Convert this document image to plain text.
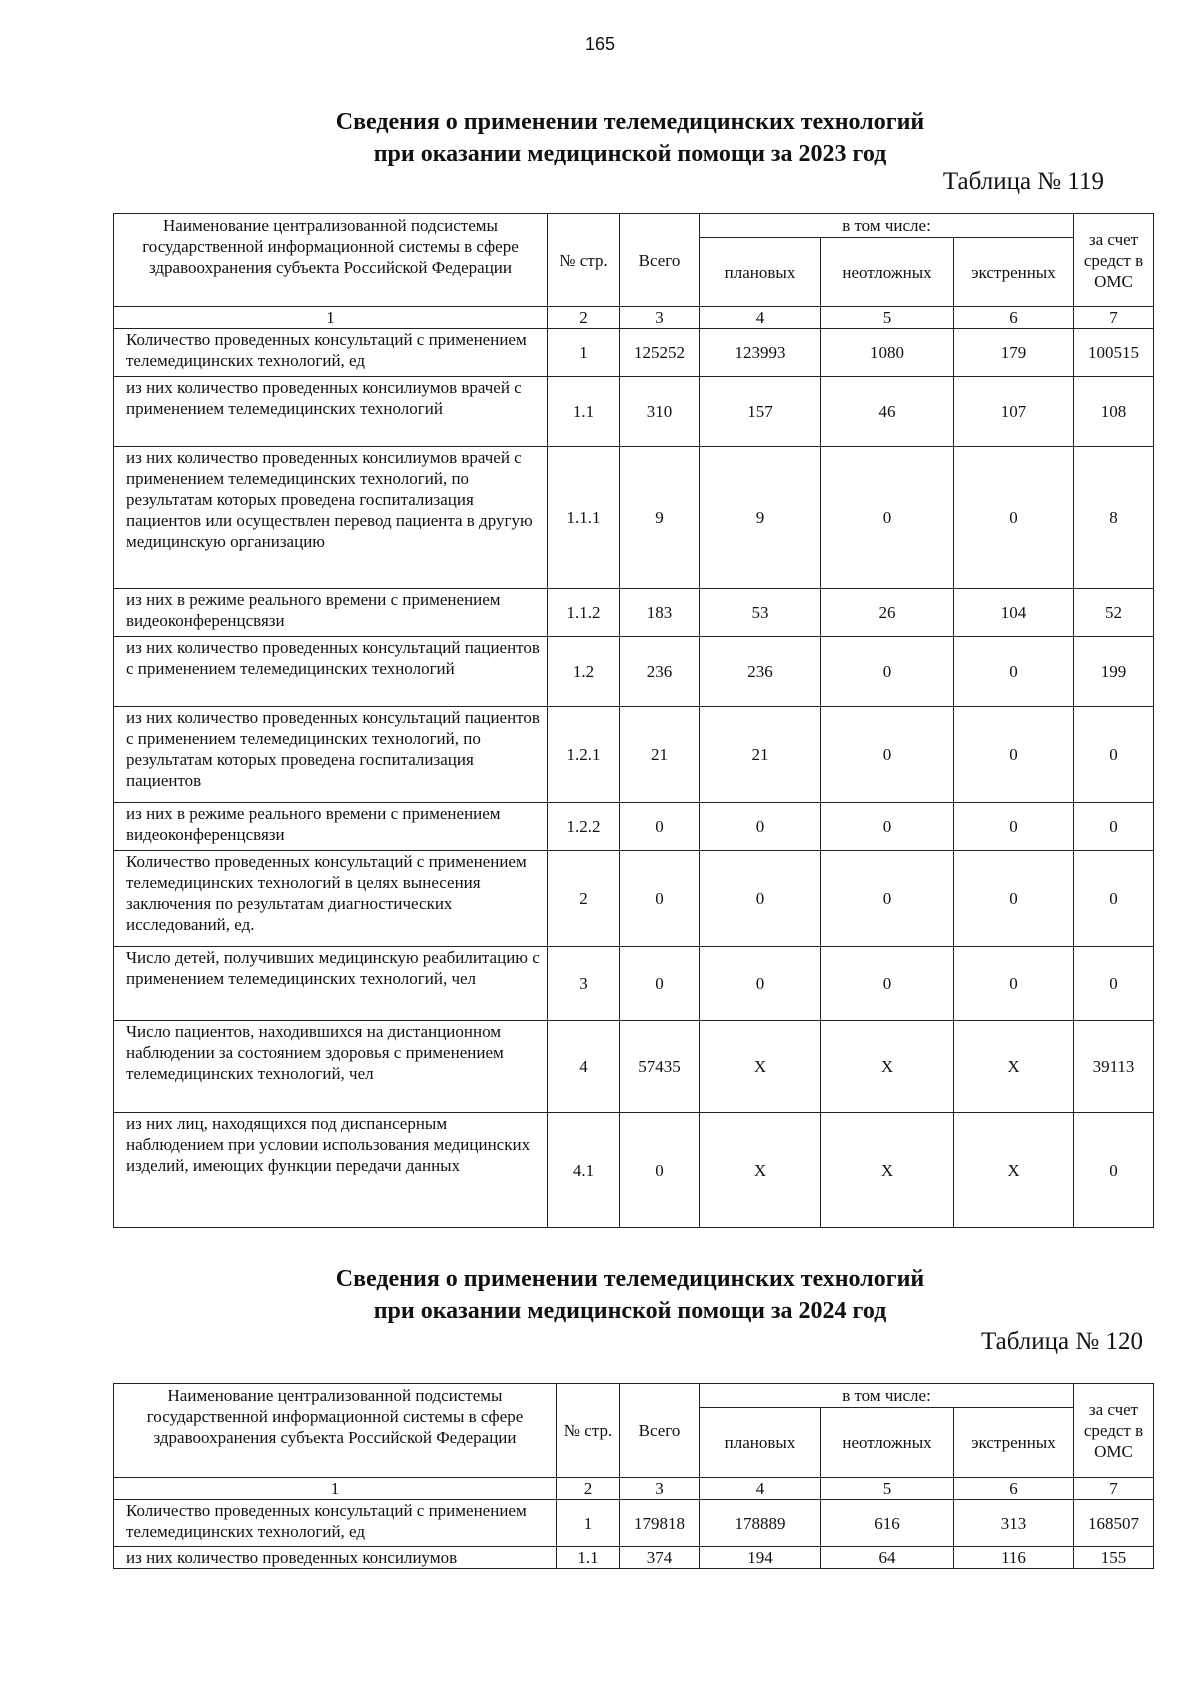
165
Сведения о применении телемедицинских технологий
при оказании медицинской помощи за 2023 год
Таблица № 119
Наименование централизованной подсистемы государственной информационной системы в сфере здравоохранения субъекта Российской Федерации	№ стр.	Всего	в том числе:			за счет средст в ОМС
			плановых	неотложных	экстренных	
1	2	3	4	5	6	7
Количество проведенных консультаций с применением телемедицинских технологий, ед	1	125252	123993	1080	179	100515
из них количество проведенных консилиумов врачей с применением телемедицинских технологий	1.1	310	157	46	107	108
из них количество проведенных консилиумов врачей с применением телемедицинских технологий, по результатам которых проведена госпитализация пациентов или осуществлен перевод пациента в другую медицинскую организацию	1.1.1	9	9	0	0	8
из них в режиме реального времени с применением видеоконференцсвязи	1.1.2	183	53	26	104	52
из них количество проведенных консультаций пациентов с применением телемедицинских технологий	1.2	236	236	0	0	199
из них количество проведенных консультаций пациентов с применением телемедицинских технологий, по результатам которых проведена госпитализация пациентов	1.2.1	21	21	0	0	0
из них в режиме реального времени с применением видеоконференцсвязи	1.2.2	0	0	0	0	0
Количество проведенных консультаций с применением телемедицинских технологий в целях вынесения заключения по результатам диагностических исследований, ед.	2	0	0	0	0	0
Число детей, получивших медицинскую реабилитацию с применением телемедицинских технологий, чел	3	0	0	0	0	0
Число пациентов, находившихся на дистанционном наблюдении за состоянием здоровья с применением телемедицинских технологий, чел	4	57435	X	X	X	39113
из них лиц, находящихся под диспансерным наблюдением при условии использования медицинских изделий, имеющих функции передачи данных	4.1	0	X	X	X	0
Сведения о применении телемедицинских технологий
при оказании медицинской помощи за 2024 год
Таблица № 120
Наименование централизованной подсистемы государственной информационной системы в сфере здравоохранения субъекта Российской Федерации	№ стр.	Всего	в том числе:			за счет средст в ОМС
			плановых	неотложных	экстренных	
1	2	3	4	5	6	7
Количество проведенных консультаций с применением телемедицинских технологий, ед	1	179818	178889	616	313	168507
из них количество проведенных консилиумов	1.1	374	194	64	116	155
